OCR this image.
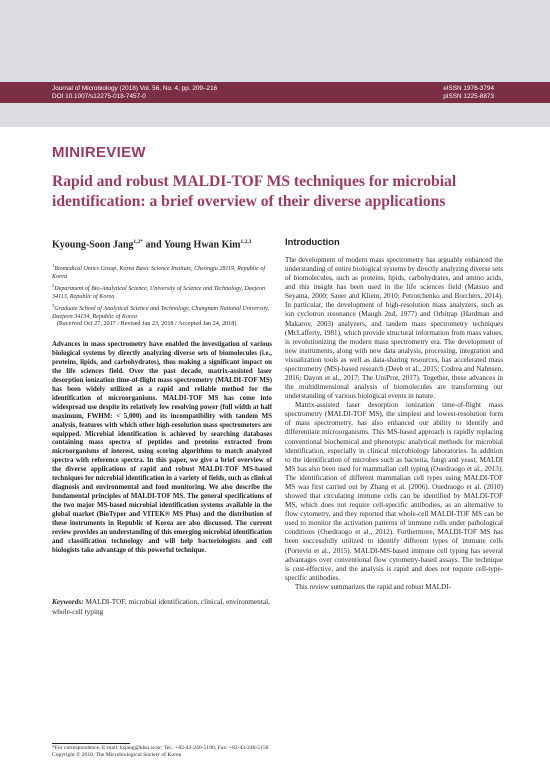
Journal of Microbiology (2018) Vol. 56, No. 4, pp. 209–216
DOI 10.1007/s12275-018-7457-0
eISSN 1976-3794
pISSN 1225-8873
MINIREVIEW
Rapid and robust MALDI-TOF MS techniques for microbial identification: a brief overview of their diverse applications
Kyoung-Soon Jang$^{1,2*}$ and Young Hwan Kim$^{1,2,3}$

$^1$Biomedical Omics Group, Korea Basic Science Institute, Cheongju 28119, Republic of Korea

$^2$Department of Bio-Analytical Science, University of Science and Technology, Daejeon 34113, Republic of Korea

$^3$Graduate School of Analytical Science and Technology, Chungnam National University, Daejeon 34134, Republic of Korea

(Received Oct 27, 2017 / Revised Jan 23, 2018 / Accepted Jan 24, 2018)
Advances in mass spectrometry have enabled the investigation of various biological systems by directly analyzing diverse sets of biomolecules (i.e., proteins, lipids, and carbohydrates), thus making a significant impact on the life sciences field. Over the past decade, matrix-assisted laser desorption ionization time-of-flight mass spectrometry (MALDI-TOF MS) has been widely utilized as a rapid and reliable method for the identification of microorganisms. MALDI-TOF MS has come into widespread use despite its relatively low resolving power (full width at half maximum, FWHM: < 5,000) and its incompatibility with tandem MS analysis, features with which other high-resolution mass spectrometers are equipped. Microbial identification is achieved by searching databases containing mass spectra of peptides and proteins extracted from microorganisms of interest, using scoring algorithms to match analyzed spectra with reference spectra. In this paper, we give a brief overview of the diverse applications of rapid and robust MALDI-TOF MS-based techniques for microbial identification in a variety of fields, such as clinical diagnosis and environmental and food monitoring. We also describe the fundamental principles of MALDI-TOF MS. The general specifications of the two major MS-based microbial identification systems available in the global market (BioTyper and VITEK® MS Plus) and the distribution of these instruments in Republic of Korea are also discussed. The current review provides an understanding of this emerging microbial identification and classification technology and will help bacteriologists and cell biologists take advantage of this powerful technique.
Keywords: MALDI-TOF, microbial identification, clinical, environmental, whole-cell typing

*For correspondence. E-mail: ksjang@kbsi.re.kr; Tel.: +82-43-240-5196; Fax: +82-43-240-5158

Copyright © 2018, The Microbiological Society of Korea

Introduction

The development of modern mass spectrometry has arguably enhanced the understanding of entire biological systems by directly analyzing diverse sets of biomolecules, such as proteins, lipids, carbohydrates, and amino acids, and this insight has been used in the life sciences field (Matsuo and Seyama, 2000; Sauer and Kliem, 2010; Petrotchenko and Borchers, 2014). In particular, the development of high-resolution mass analyzers, such as ion cyclotron resonance (Maugh 2nd, 1977) and Orbitrap (Hardman and Makarov, 2003) analyzers, and tandem mass spectrometry techniques (McLafferty, 1981), which provide structural information from mass values, is revolutionizing the modern mass spectrometry era. The development of new instruments, along with new data analysis, processing, integration and visualization tools as well as data-sharing resources, has accelerated mass spectrometry (MS)-based research (Deeb et al., 2015; Codrea and Nahnsen, 2016; Dayon et al., 2017; The UniProt, 2017). Together, these advances in the multidimensional analysis of biomolecules are transforming our understanding of various biological events in nature.

Matrix-assisted laser desorption ionization time-of-flight mass spectrometry (MALDI-TOF MS), the simplest and lowest-resolution form of mass spectrometry, has also enhanced our ability to identify and differentiate microorganisms. This MS-based approach is rapidly replacing conventional biochemical and phenotypic analytical methods for microbial identification, especially in clinical microbiology laboratories. In addition to the identification of microbes such as bacteria, fungi and yeast, MALDI MS has also been used for mammalian cell typing (Ouedraogo et al., 2013). The identification of different mammalian cell types using MALDI-TOF MS was first carried out by Zhang et al. (2006). Ouedraogo et al. (2010) showed that circulating immune cells can be identified by MALDI-TOF MS, which does not require cell-specific antibodies, as an alternative to flow cytometry, and they reported that whole-cell MALDI-TOF MS can be used to monitor the activation patterns of immune cells under pathological conditions (Ouedraogo et al., 2012). Furthermore, MALDI-TOF MS has been successfully utilized to identify different types of immune cells (Portevin et al., 2015). MALDI-MS-based immune cell typing has several advantages over conventional flow cytometry-based assays. The technique is cost-effective, and the analysis is rapid and does not require cell-type-specific antibodies.

This review summarizes the rapid and robust MALDI-
